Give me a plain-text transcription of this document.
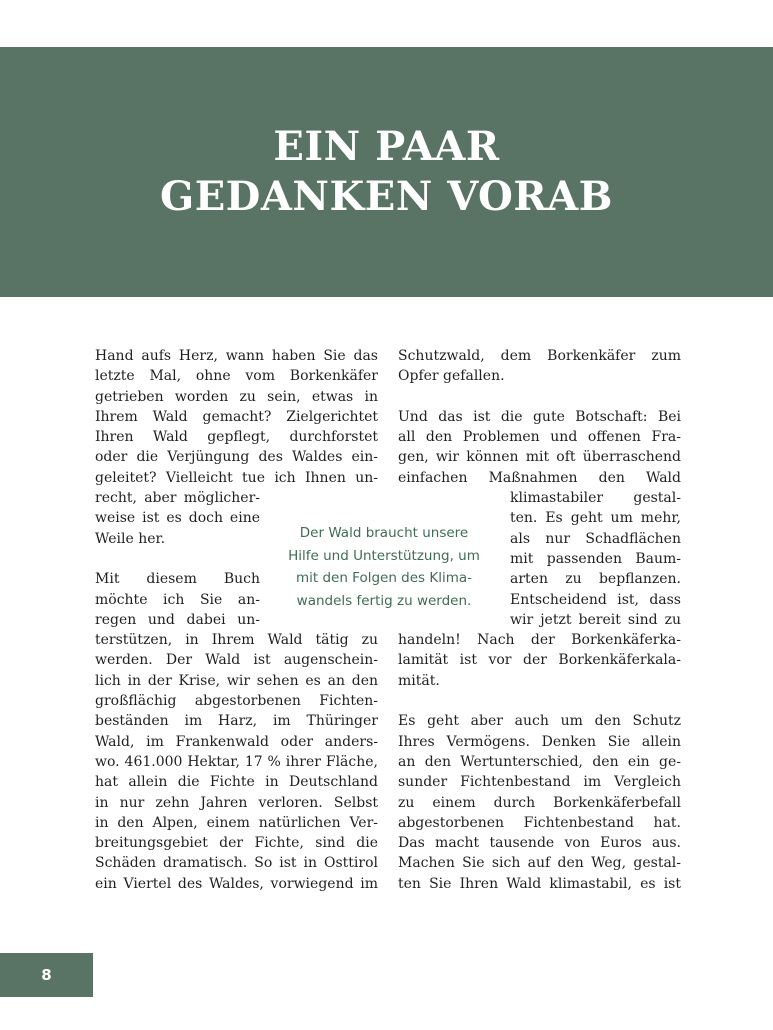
EIN PAAR
GEDANKEN VORAB
Hand aufs Herz, wann haben Sie das
letzte Mal, ohne vom Borkenkäfer
getrieben worden zu sein, etwas in
Ihrem Wald gemacht? Zielgerichtet
Ihren Wald gepflegt, durchforstet
oder die Verjüngung des Waldes ein-
geleitet? Vielleicht tue ich Ihnen un-
recht, aber möglicher-
weise ist es doch eine
Weile her.
Mit diesem Buch
möchte ich Sie an-
regen und dabei un-
terstützen, in Ihrem Wald tätig zu
werden. Der Wald ist augenschein-
lich in der Krise, wir sehen es an den
großflächig abgestorbenen Fichten-
beständen im Harz, im Thüringer
Wald, im Frankenwald oder anders-
wo. 461.000 Hektar, 17 % ihrer Fläche,
hat allein die Fichte in Deutschland
in nur zehn Jahren verloren. Selbst
in den Alpen, einem natürlichen Ver-
breitungsgebiet der Fichte, sind die
Schäden dramatisch. So ist in Osttirol
ein Viertel des Waldes, vorwiegend im
Schutzwald, dem Borkenkäfer zum
Opfer gefallen.
Und das ist die gute Botschaft: Bei
all den Problemen und offenen Fra-
gen, wir können mit oft überraschend
einfachen Maßnahmen den Wald
klimastabiler gestal-
ten. Es geht um mehr,
als nur Schadflächen
mit passenden Baum-
arten zu bepflanzen.
Entscheidend ist, dass
wir jetzt bereit sind zu
handeln! Nach der Borkenkäferka-
lamität ist vor der Borkenkäferkala-
mität.
Es geht aber auch um den Schutz
Ihres Vermögens. Denken Sie allein
an den Wertunterschied, den ein ge-
sunder Fichtenbestand im Vergleich
zu einem durch Borkenkäferbefall
abgestorbenen Fichtenbestand hat.
Das macht tausende von Euros aus.
Machen Sie sich auf den Weg, gestal-
ten Sie Ihren Wald klimastabil, es ist

Der Wald braucht unsere
Hilfe und Unterstützung, um
mit den Folgen des Klima-
wandels fertig zu werden.

8
